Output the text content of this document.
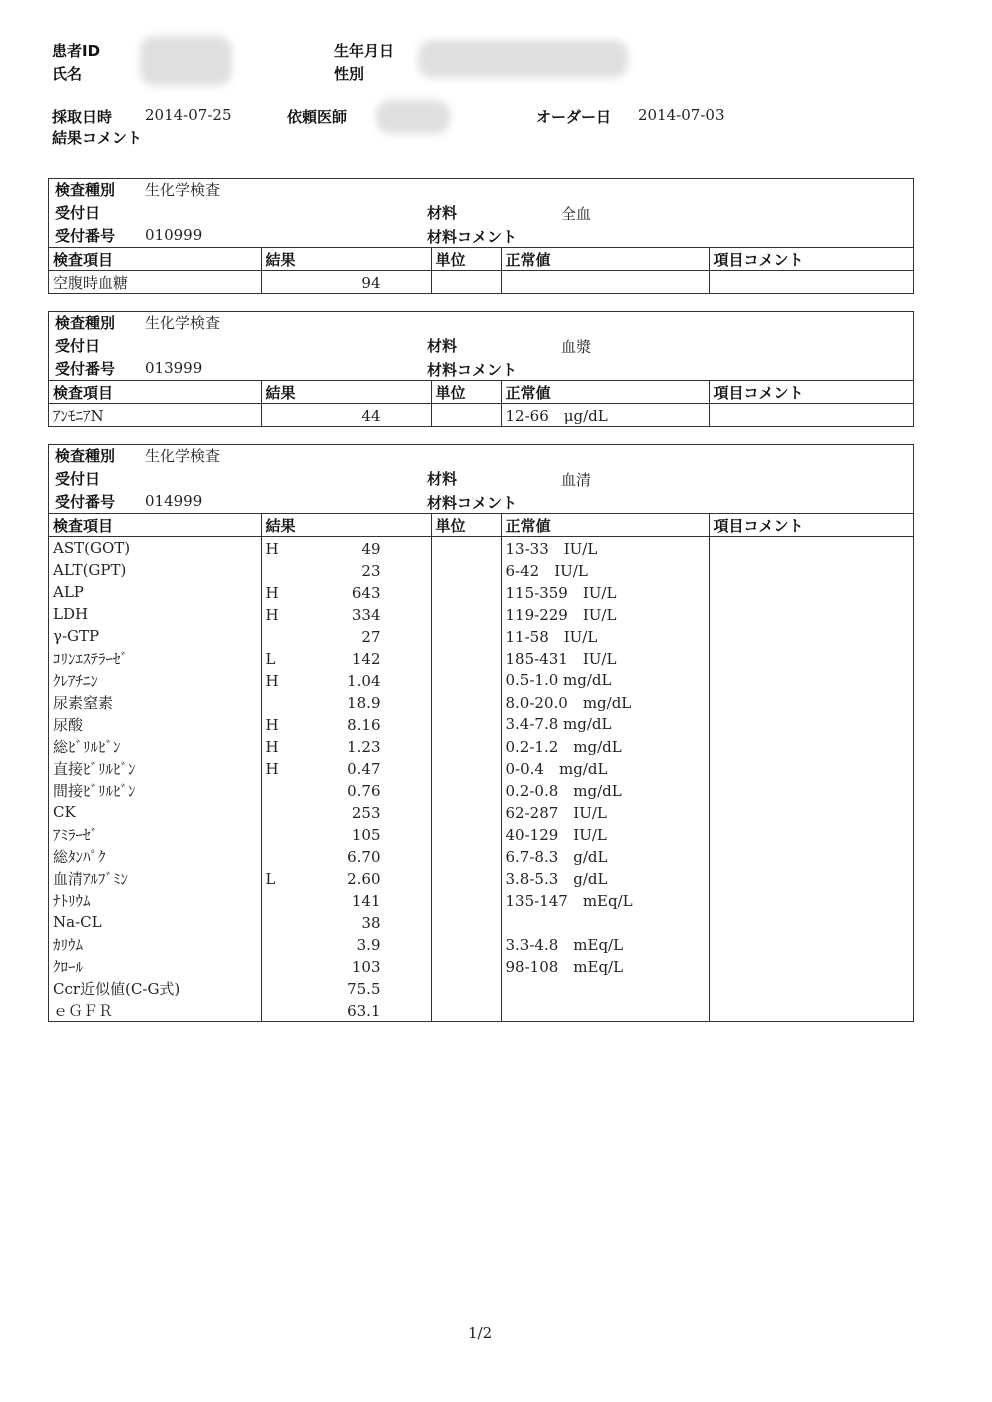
患者ID
氏名
生年月日
性別
採取日時 2014-07-25	依頼医師	オーダー日 2014-07-03
結果コメント
検査種別 生化学検査
受付日	材料	全血
受付番号 010999	材料コメント
検査項目	結果	単位	正常値	項目コメント
空腹時血糖	94			

検査種別 生化学検査
受付日	材料	血漿
受付番号 013999	材料コメント
検査項目	結果	単位	正常値	項目コメント
ｱﾝﾓﾆｱN	44		12-66　μg/dL	
検査種別 生化学検査
受付日	材料	血清
受付番号 014999	材料コメント
検査項目	結果	単位	正常値	項目コメント
AST(GOT)	H 49		13-33　IU/L	
ALT(GPT)	23		6-42　IU/L	
ALP	H 643		115-359　IU/L	
LDH	H 334		119-229　IU/L	
γ-GTP	27		11-58　IU/L	
ｺﾘﾝｴｽﾃﾗｰｾﾞ	L 142		185-431　IU/L	
ｸﾚｱﾁﾆﾝ	H 1.04		0.5-1.0 mg/dL	
尿素窒素	18.9		8.0-20.0　mg/dL	
尿酸	H 8.16		3.4-7.8 mg/dL	
総ﾋﾞﾘﾙﾋﾞﾝ	H 1.23		0.2-1.2　mg/dL	
直接ﾋﾞﾘﾙﾋﾞﾝ	H 0.47		0-0.4　mg/dL	
間接ﾋﾞﾘﾙﾋﾞﾝ	0.76		0.2-0.8　mg/dL	
CK	253		62-287　IU/L	
ｱﾐﾗｰｾﾞ	105		40-129　IU/L	
総ﾀﾝﾊﾟｸ	6.70		6.7-8.3　g/dL	
血清ｱﾙﾌﾞﾐﾝ	L 2.60		3.8-5.3　g/dL	
ﾅﾄﾘｳﾑ	141		135-147　mEq/L	
Na-CL	38			

ｶﾘｳﾑ	3.9		3.3-4.8　mEq/L	
ｸﾛｰﾙ	103		98-108　mEq/L	
Ccr近似値(C-G式)	75.5			

ｅＧＦＲ	63.1			

1/2
